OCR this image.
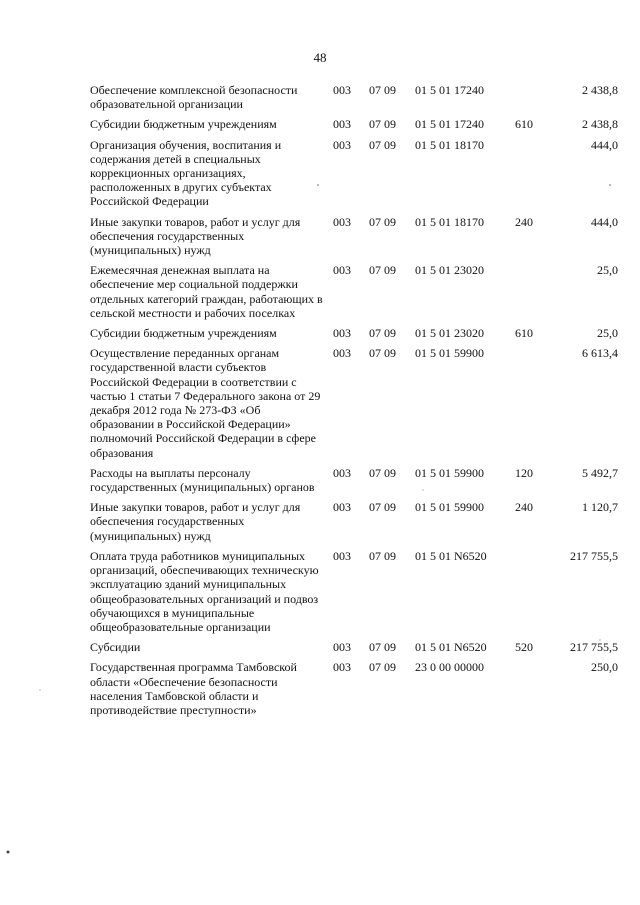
48
Обеспечение комплексной безопасности образовательной организации	003	07 09	01 5 01 17240		2 438,8
Субсидии бюджетным учреждениям	003	07 09	01 5 01 17240	610	2 438,8
Организация обучения, воспитания и содержания детей в специальных коррекционных организациях, расположенных в других субъектах Российской Федерации	003	07 09	01 5 01 18170		444,0
Иные закупки товаров, работ и услуг для обеспечения государственных (муниципальных) нужд	003	07 09	01 5 01 18170	240	444,0
Ежемесячная денежная выплата на обеспечение мер социальной поддержки отдельных категорий граждан, работающих в сельской местности и рабочих поселках	003	07 09	01 5 01 23020		25,0
Субсидии бюджетным учреждениям	003	07 09	01 5 01 23020	610	25,0
Осуществление переданных органам государственной власти субъектов Российской Федерации в соответствии с частью 1 статьи 7 Федерального закона от 29 декабря 2012 года № 273-ФЗ «Об образовании в Российской Федерации» полномочий Российской Федерации в сфере образования	003	07 09	01 5 01 59900		6 613,4
Расходы на выплаты персоналу государственных (муниципальных) органов	003	07 09	01 5 01 59900	120	5 492,7
Иные закупки товаров, работ и услуг для обеспечения государственных (муниципальных) нужд	003	07 09	01 5 01 59900	240	1 120,7
Оплата труда работников муниципальных организаций, обеспечивающих техническую эксплуатацию зданий муниципальных общеобразовательных организаций и подвоз обучающихся в муниципальные общеобразовательные организации	003	07 09	01 5 01 N6520		217 755,5
Субсидии	003	07 09	01 5 01 N6520	520	217 755,5
Государственная программа Тамбовской области «Обеспечение безопасности населения Тамбовской области и противодействие преступности»	003	07 09	23 0 00 00000		250,0
